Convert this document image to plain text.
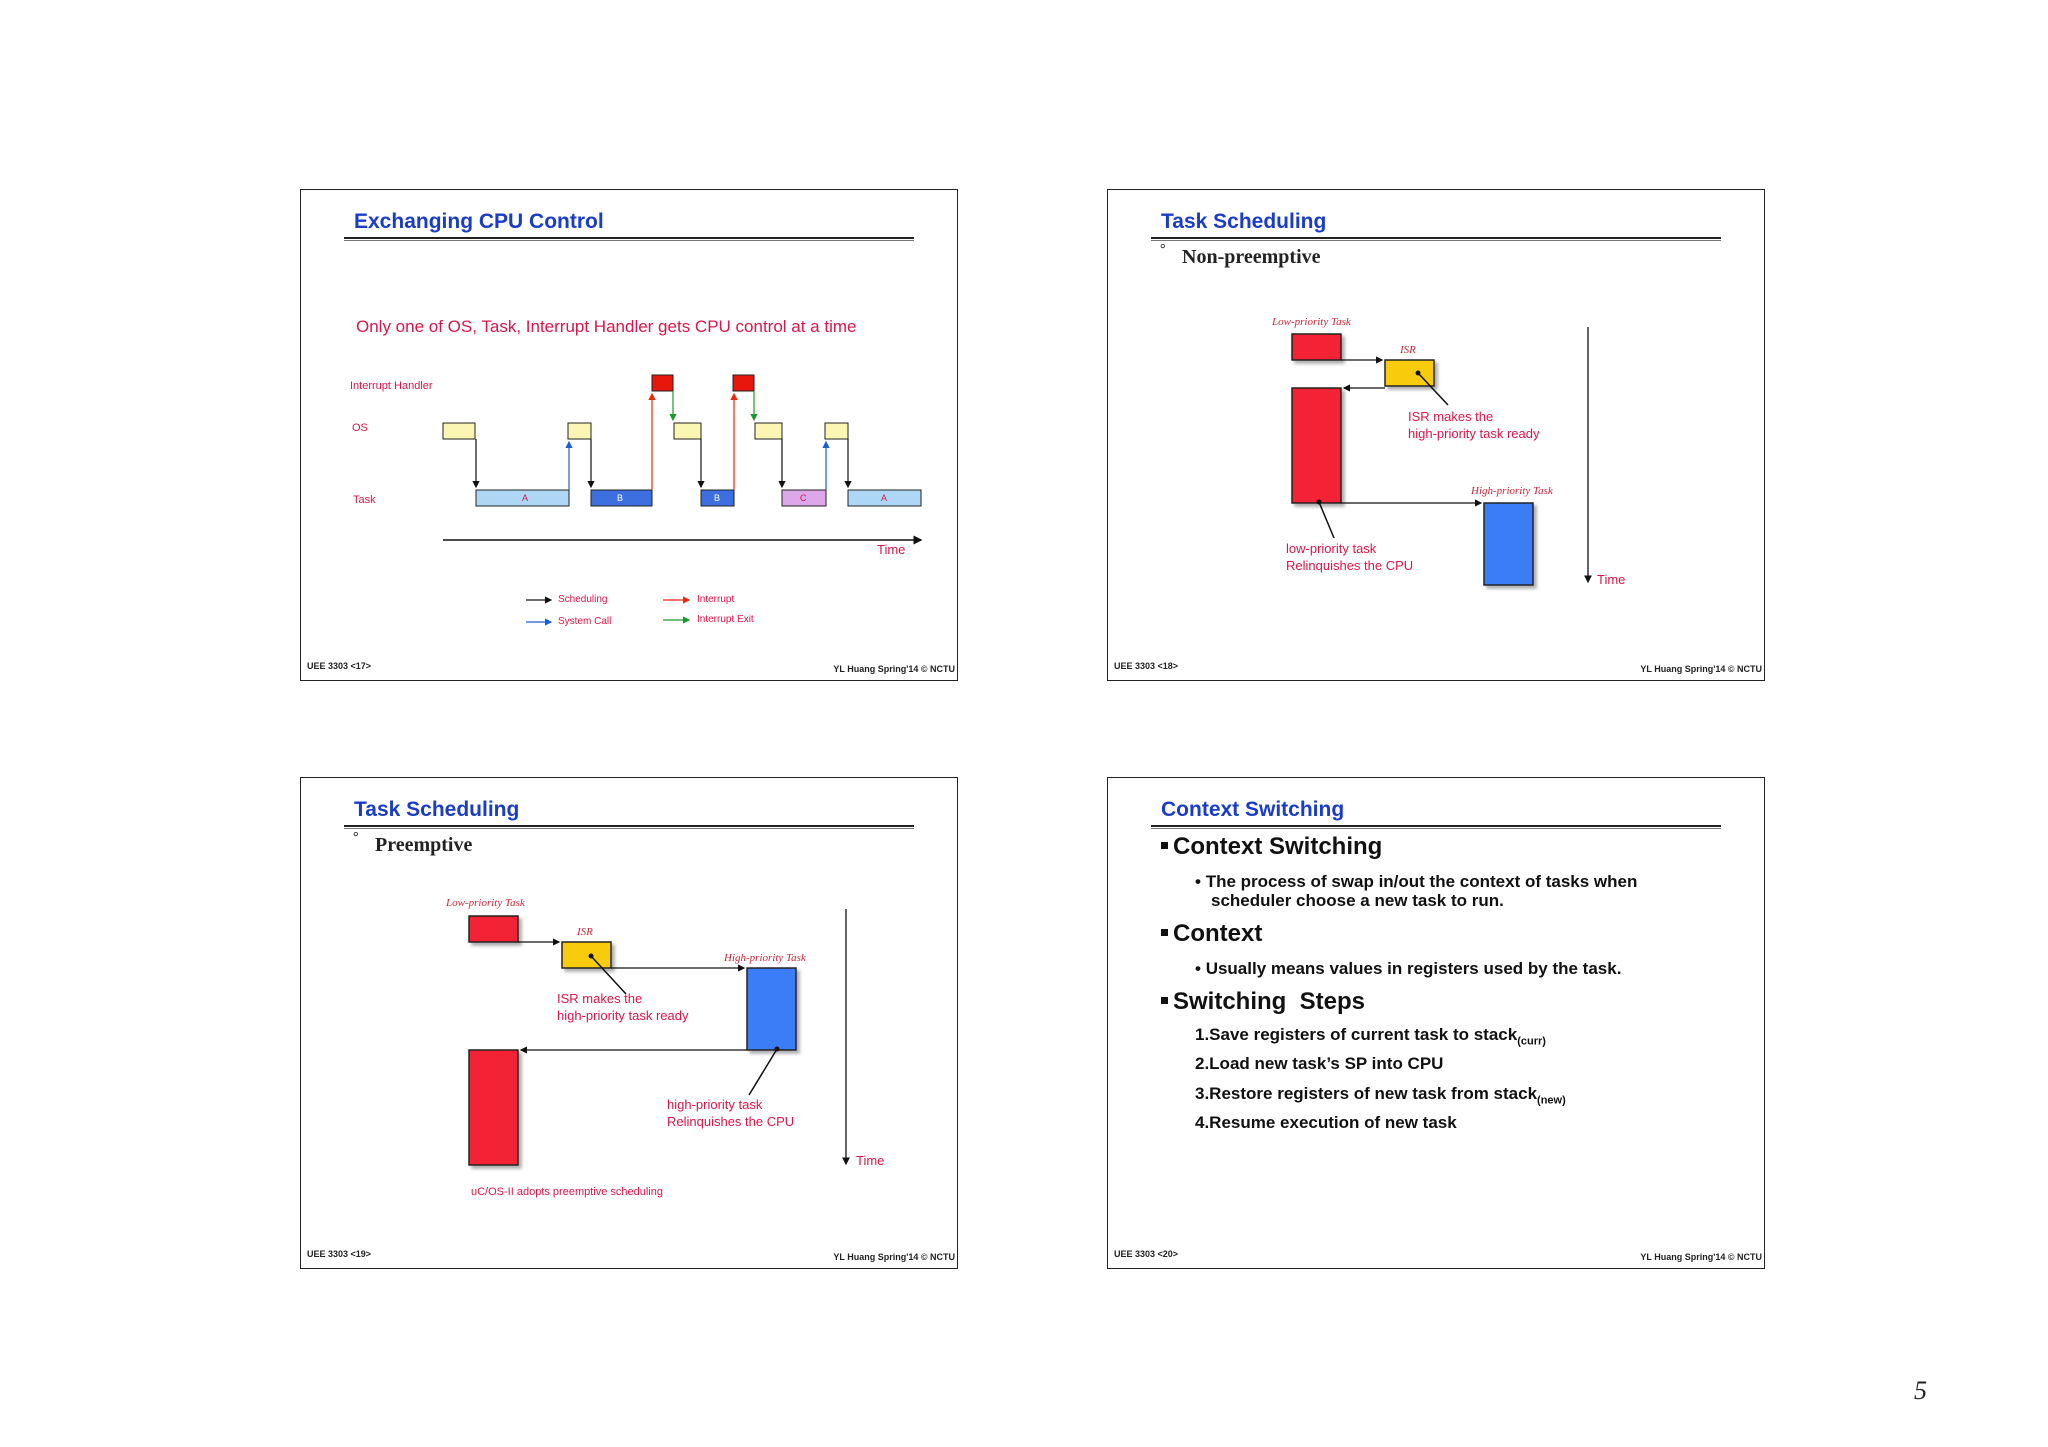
Exchanging CPU Control
Only one of OS, Task, Interrupt Handler gets CPU control at a time
Interrupt Handler
OS
Task	A	B	B	C	A
Time
Scheduling
System Call
Interrupt
Interrupt Exit
UEE 3303 <17>	YL Huang Spring'14 © NCTU
Task Scheduling
° Non-preemptive
Low-priority Task
ISR
ISR makes the
high-priority task ready
High-priority Task
low-priority task
Relinquishes the CPU
Time
UEE 3303 <18>	YL Huang Spring'14 © NCTU
Task Scheduling
° Preemptive
Low-priority Task
ISR
ISR makes the
high-priority task ready
High-priority Task
high-priority task
Relinquishes the CPU
Time
uC/OS-II adopts preemptive scheduling
UEE 3303 <19>	YL Huang Spring'14 © NCTU
Context Switching
Context Switching
• The process of swap in/out the context of tasks when
scheduler choose a new task to run.
Context
• Usually means values in registers used by the task.
Switching  Steps
1.Save registers of current task to stack$_{(curr)}$
2.Load new task’s SP into CPU
3.Restore registers of new task from stack$_{(new)}$
4.Resume execution of new task
UEE 3303 <20>	YL Huang Spring'14 © NCTU
5
